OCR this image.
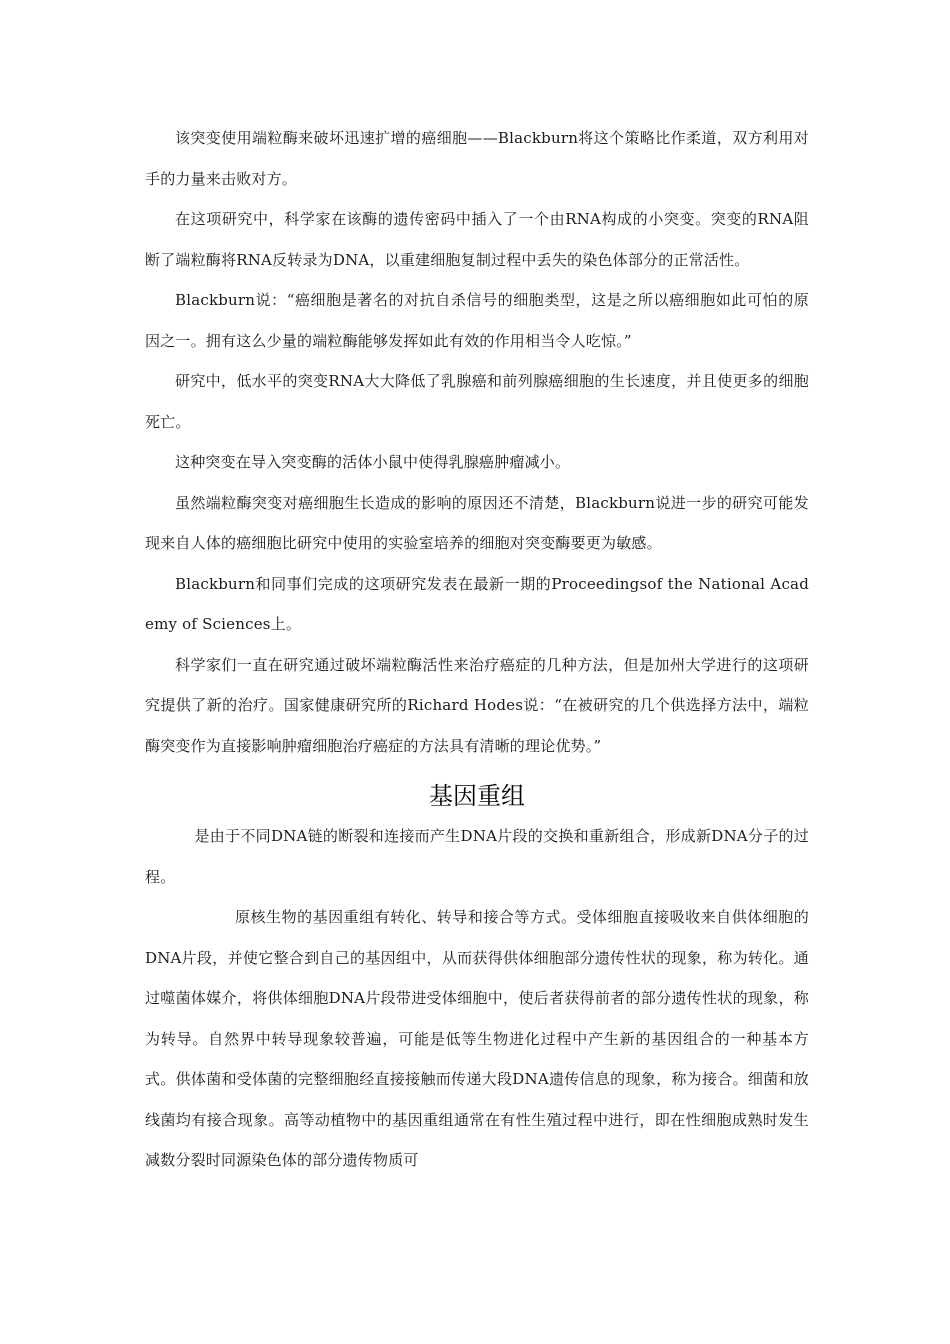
该突变使用端粒酶来破坏迅速扩增的癌细胞——Blackburn将这个策略比作柔道，双方利用对手的力量来击败对方。

在这项研究中，科学家在该酶的遗传密码中插入了一个由RNA构成的小突变。突变的RNA阻断了端粒酶将RNA反转录为DNA，以重建细胞复制过程中丢失的染色体部分的正常活性。

Blackburn说：“癌细胞是著名的对抗自杀信号的细胞类型，这是之所以癌细胞如此可怕的原因之一。拥有这么少量的端粒酶能够发挥如此有效的作用相当令人吃惊。”

研究中，低水平的突变RNA大大降低了乳腺癌和前列腺癌细胞的生长速度，并且使更多的细胞死亡。

这种突变在导入突变酶的活体小鼠中使得乳腺癌肿瘤减小。

虽然端粒酶突变对癌细胞生长造成的影响的原因还不清楚，Blackburn说进一步的研究可能发现来自人体的癌细胞比研究中使用的实验室培养的细胞对突变酶要更为敏感。

Blackburn和同事们完成的这项研究发表在最新一期的Proceedingsof the National Academy of Sciences上。

科学家们一直在研究通过破坏端粒酶活性来治疗癌症的几种方法，但是加州大学进行的这项研究提供了新的治疗。国家健康研究所的Richard Hodes说：“在被研究的几个供选择方法中，端粒酶突变作为直接影响肿瘤细胞治疗癌症的方法具有清晰的理论优势。”

基因重组

是由于不同DNA链的断裂和连接而产生DNA片段的交换和重新组合，形成新DNA分子的过程。

原核生物的基因重组有转化、转导和接合等方式。受体细胞直接吸收来自供体细胞的DNA片段，并使它整合到自己的基因组中，从而获得供体细胞部分遗传性状的现象，称为转化。通过噬菌体媒介，将供体细胞DNA片段带进受体细胞中，使后者获得前者的部分遗传性状的现象，称为转导。自然界中转导现象较普遍，可能是低等生物进化过程中产生新的基因组合的一种基本方式。供体菌和受体菌的完整细胞经直接接触而传递大段DNA遗传信息的现象，称为接合。细菌和放线菌均有接合现象。高等动植物中的基因重组通常在有性生殖过程中进行，即在性细胞成熟时发生减数分裂时同源染色体的部分遗传物质可
